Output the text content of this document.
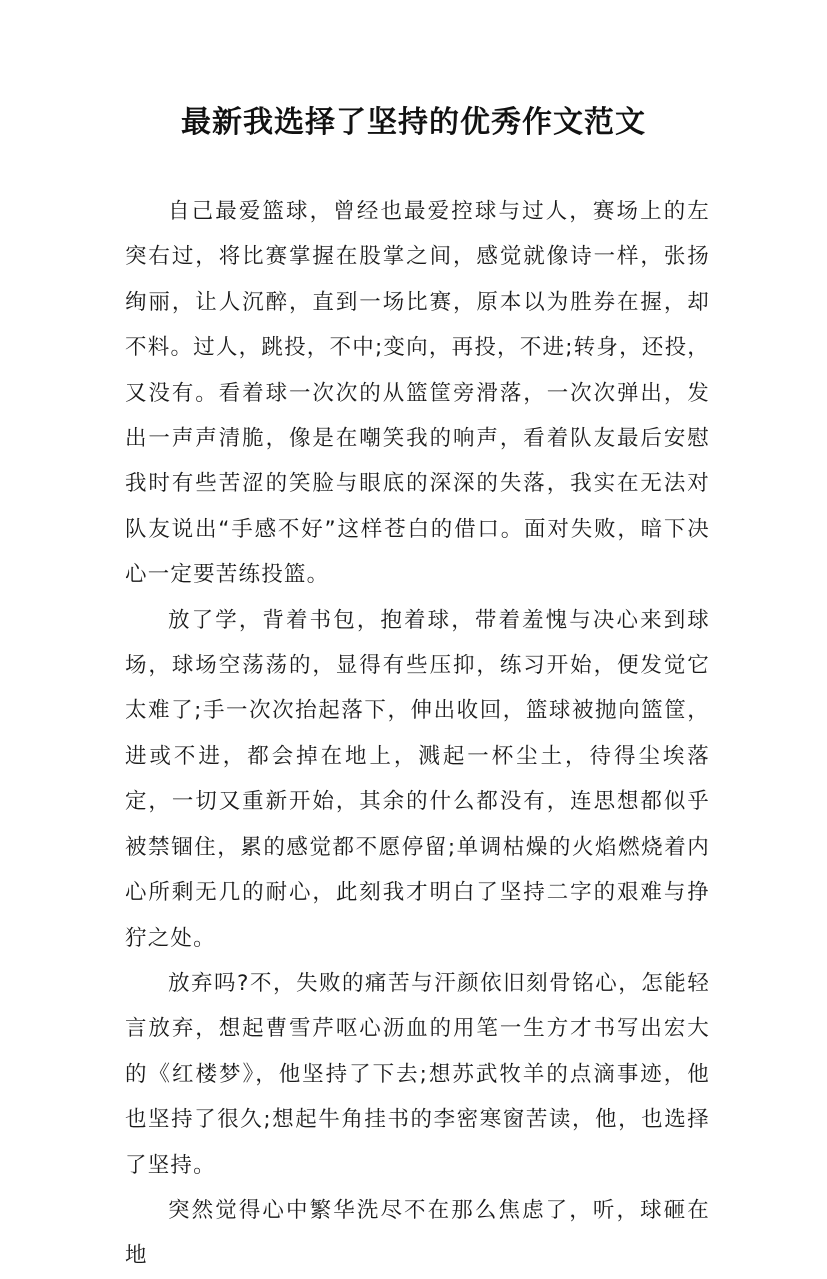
最新我选择了坚持的优秀作文范文

自己最爱篮球，曾经也最爱控球与过人，赛场上的左突右过，将比赛掌握在股掌之间，感觉就像诗一样，张扬绚丽，让人沉醉，直到一场比赛，原本以为胜券在握，却不料。过人，跳投，不中;变向，再投，不进;转身，还投，又没有。看着球一次次的从篮筐旁滑落，一次次弹出，发出一声声清脆，像是在嘲笑我的响声，看着队友最后安慰我时有些苦涩的笑脸与眼底的深深的失落，我实在无法对队友说出“手感不好”这样苍白的借口。面对失败，暗下决心一定要苦练投篮。

放了学，背着书包，抱着球，带着羞愧与决心来到球场，球场空荡荡的，显得有些压抑，练习开始，便发觉它太难了;手一次次抬起落下，伸出收回，篮球被抛向篮筐，进或不进，都会掉在地上，溅起一杯尘土，待得尘埃落定，一切又重新开始，其余的什么都没有，连思想都似乎被禁锢住，累的感觉都不愿停留;单调枯燥的火焰燃烧着内心所剩无几的耐心，此刻我才明白了坚持二字的艰难与挣狞之处。

放弃吗?不，失败的痛苦与汗颜依旧刻骨铭心，怎能轻言放弃，想起曹雪芹呕心沥血的用笔一生方才书写出宏大的《红楼梦》，他坚持了下去;想苏武牧羊的点滴事迹，他也坚持了很久;想起牛角挂书的李密寒窗苦读，他，也选择了坚持。

突然觉得心中繁华洗尽不在那么焦虑了，听，球砸在地
